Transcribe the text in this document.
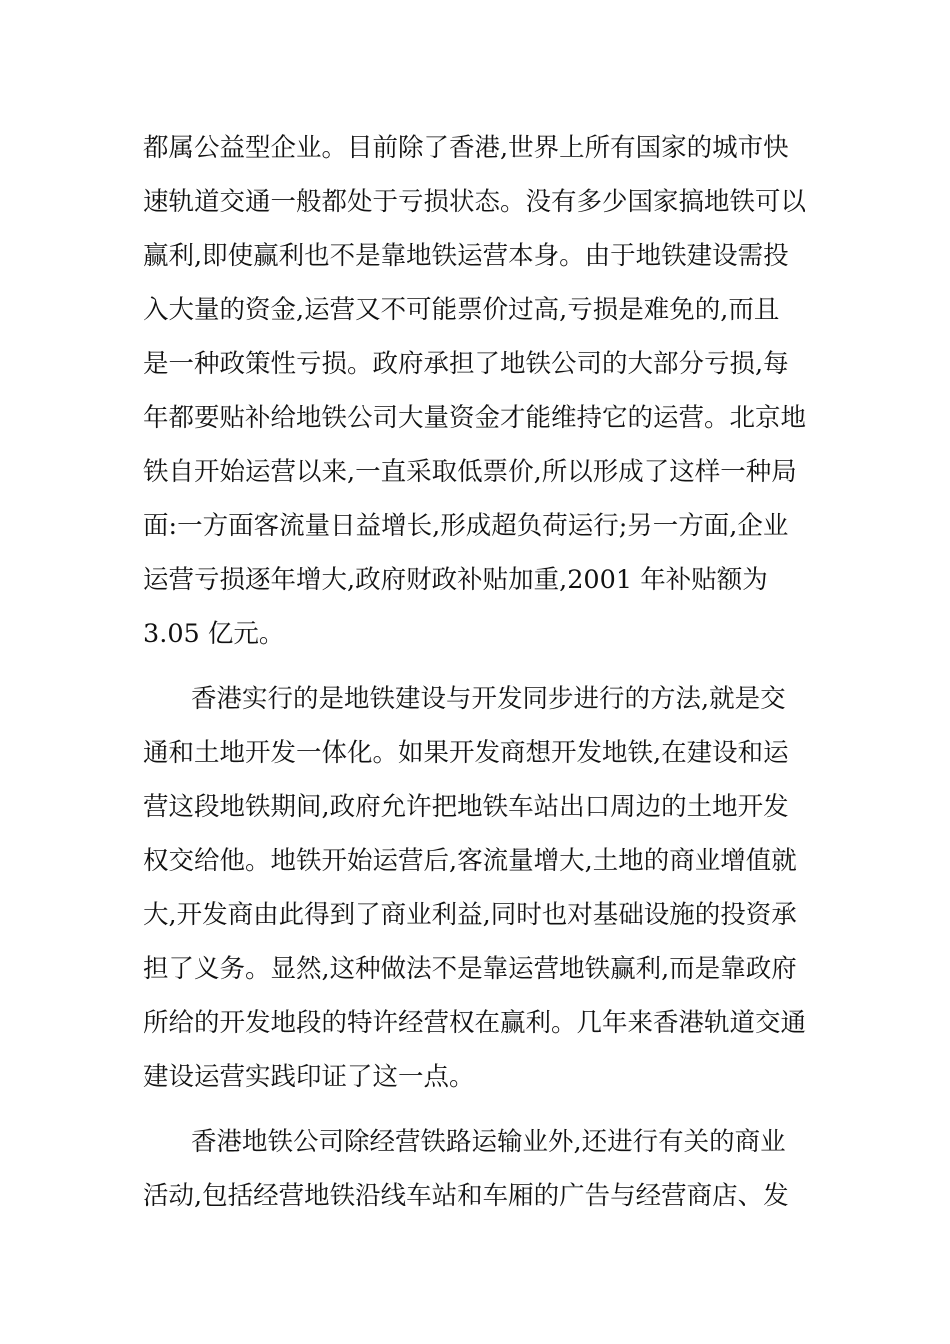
都属公益型企业。目前除了香港,世界上所有国家的城市快
速轨道交通一般都处于亏损状态。没有多少国家搞地铁可以
赢利,即使赢利也不是靠地铁运营本身。由于地铁建设需投
入大量的资金,运营又不可能票价过高,亏损是难免的,而且
是一种政策性亏损。政府承担了地铁公司的大部分亏损,每
年都要贴补给地铁公司大量资金才能维持它的运营。北京地
铁自开始运营以来,一直采取低票价,所以形成了这样一种局
面:一方面客流量日益增长,形成超负荷运行;另一方面,企业
运营亏损逐年增大,政府财政补贴加重,2001 年补贴额为
3.05 亿元。
香港实行的是地铁建设与开发同步进行的方法,就是交
通和土地开发一体化。如果开发商想开发地铁,在建设和运
营这段地铁期间,政府允许把地铁车站出口周边的土地开发
权交给他。地铁开始运营后,客流量增大,土地的商业增值就
大,开发商由此得到了商业利益,同时也对基础设施的投资承
担了义务。显然,这种做法不是靠运营地铁赢利,而是靠政府
所给的开发地段的特许经营权在赢利。几年来香港轨道交通
建设运营实践印证了这一点。
香港地铁公司除经营铁路运输业外,还进行有关的商业
活动,包括经营地铁沿线车站和车厢的广告与经营商店、发
